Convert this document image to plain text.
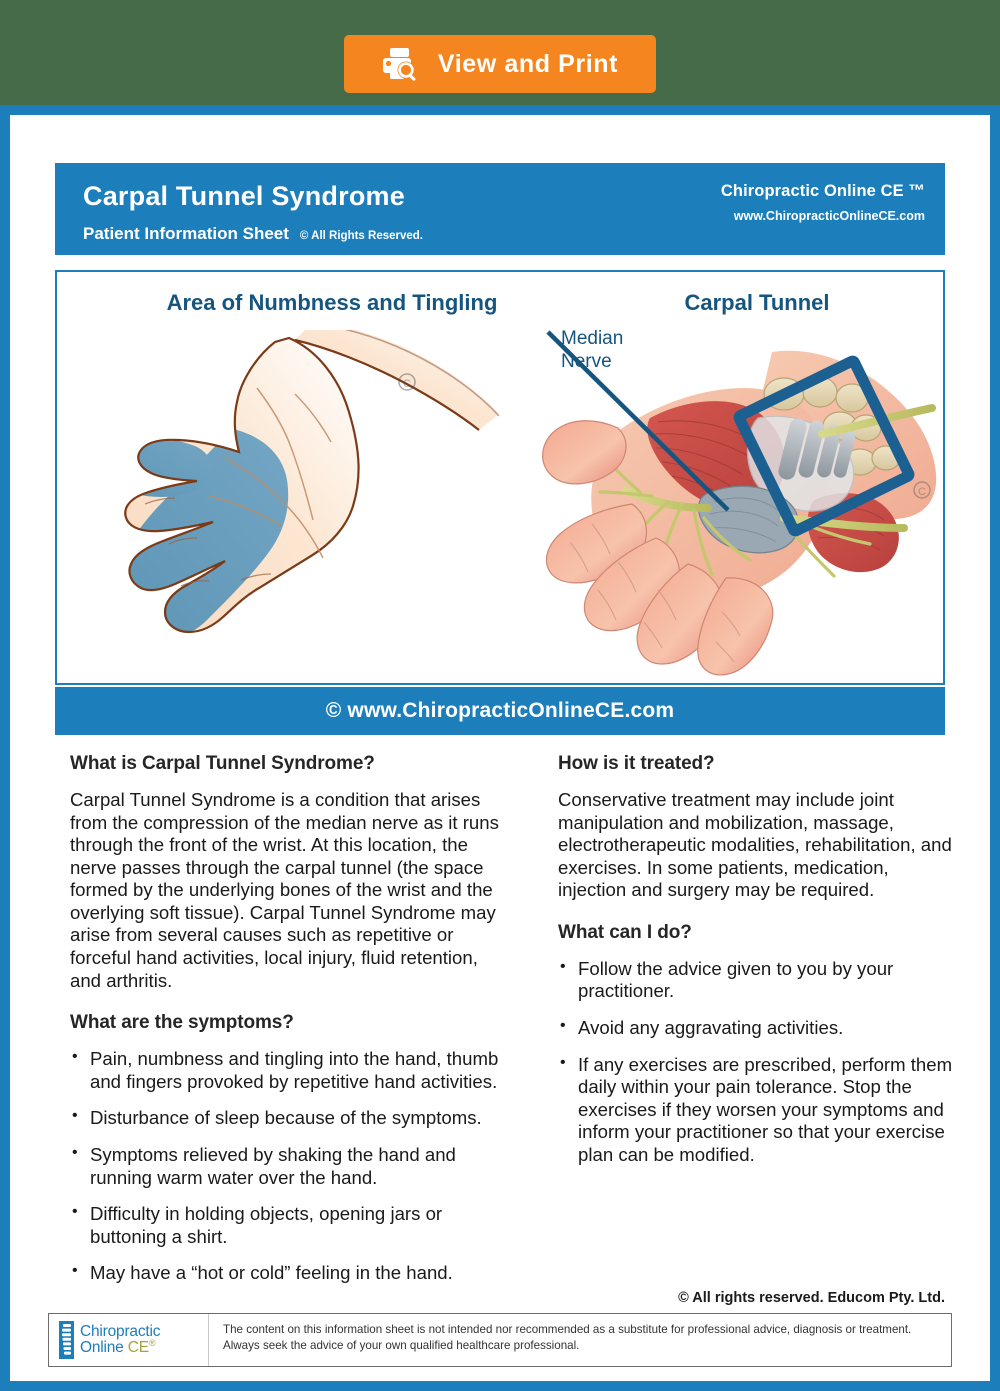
View and Print
Carpal Tunnel Syndrome
Patient Information Sheet © All Rights Reserved.
Chiropractic Online CE ™
www.ChiropracticOnlineCE.com
Area of Numbness and Tingling	Carpal Tunnel
Median
Nerve
C
C
© www.ChiropracticOnlineCE.com
What is Carpal Tunnel Syndrome?

Carpal Tunnel Syndrome is a condition that arises from the compression of the median nerve as it runs through the front of the wrist. At this location, the nerve passes through the carpal tunnel (the space formed by the underlying bones of the wrist and the overlying soft tissue). Carpal Tunnel Syndrome may arise from several causes such as repetitive or forceful hand activities, local injury, fluid retention, and arthritis.

What are the symptoms?
• Pain, numbness and tingling into the hand, thumb and fingers provoked by repetitive hand activities.
• Disturbance of sleep because of the symptoms.
• Symptoms relieved by shaking the hand and running warm water over the hand.
• Difficulty in holding objects, opening jars or buttoning a shirt.
• May have a “hot or cold” feeling in the hand.
How is it treated?

Conservative treatment may include joint manipulation and mobilization, massage, electrotherapeutic modalities, rehabilitation, and exercises. In some patients, medication, injection and surgery may be required.

What can I do?
• Follow the advice given to you by your practitioner.
• Avoid any aggravating activities.
• If any exercises are prescribed, perform them daily within your pain tolerance. Stop the exercises if they worsen your symptoms and inform your practitioner so that your exercise plan can be modified.
© All rights reserved. Educom Pty. Ltd.
Chiropractic
Online CE®
The content on this information sheet is not intended nor recommended as a substitute for professional advice, diagnosis or treatment. Always seek the advice of your own qualified healthcare professional.
